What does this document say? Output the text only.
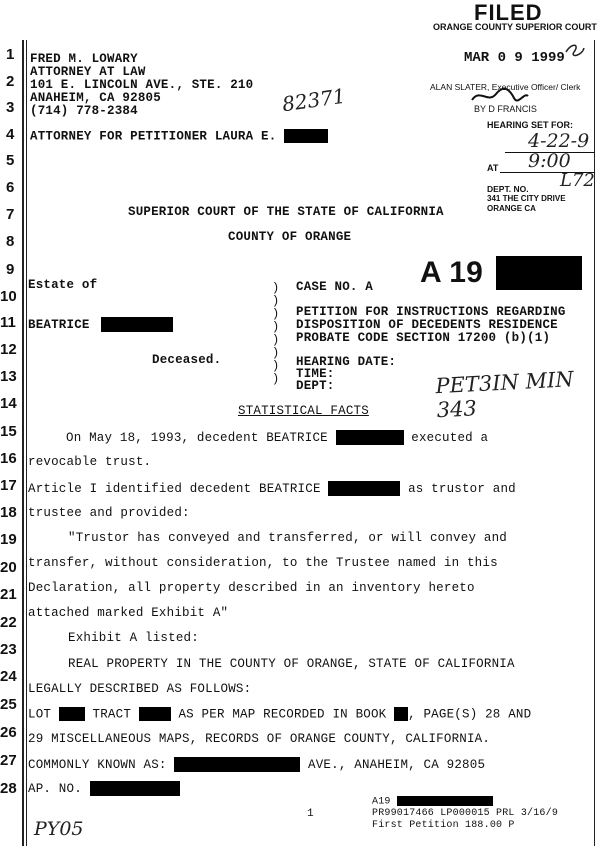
1
2
3
4
5
6
7
8
9
10
11
12
13
14
15
16
17
18
19
20
21
22
23
24
25
26
27
28
FRED M. LOWARY
ATTORNEY AT LAW
101 E. LINCOLN AVE., STE. 210
ANAHEIM, CA 92805
(714) 778-2384
ATTORNEY FOR PETITIONER LAURA E.
82371
PET3IN MIN 343
PY05
FILED
ORANGE COUNTY SUPERIOR COURT
MAR 0 9 1999
ALAN SLATER, Executive Officer/ Clerk
BY D FRANCIS
HEARING SET FOR:
4-22-9
AT 9:00
DEPT. NO. L72
341 THE CITY DRIVE
ORANGE CA
SUPERIOR COURT OF THE STATE OF CALIFORNIA
COUNTY OF ORANGE
Estate of
BEATRICE
Deceased.
)
)
)
)
)
)
)
)
CASE NO. A A 19
PETITION FOR INSTRUCTIONS REGARDING
DISPOSITION OF DECEDENTS RESIDENCE
PROBATE CODE SECTION 17200 (b)(1)
HEARING DATE:
TIME:
DEPT:
STATISTICAL FACTS
On May 18, 1993, decedent BEATRICE	executed a
revocable trust.
Article I identified decedent BEATRICE	as trustor and
trustee and provided:
"Trustor has conveyed and transferred, or will convey and
transfer, without consideration, to the Trustee named in this
Declaration, all property described in an inventory hereto
attached marked Exhibit A"
Exhibit A listed:
REAL PROPERTY IN THE COUNTY OF ORANGE, STATE OF CALIFORNIA
LEGALLY DESCRIBED AS FOLLOWS:
LOT	TRACT	AS PER MAP RECORDED IN BOOK , PAGE(S) 28 AND
29 MISCELLANEOUS MAPS, RECORDS OF ORANGE COUNTY, CALIFORNIA.
COMMONLY KNOWN AS:	AVE., ANAHEIM, CA 92805
AP. NO.
1
A19
PR99017466 LP000015 PRL 3/16/9
First Petition 188.00 P
